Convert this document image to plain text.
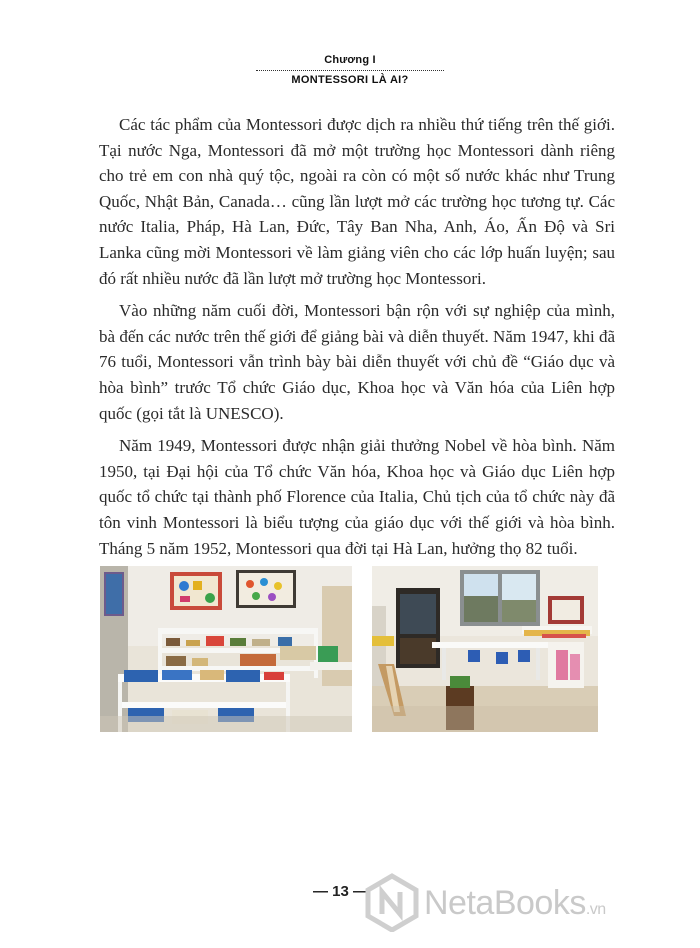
Chương I
MONTESSORI LÀ AI?

Các tác phẩm của Montessori được dịch ra nhiều thứ tiếng trên thế giới. Tại nước Nga, Montessori đã mở một trường học Montessori dành riêng cho trẻ em con nhà quý tộc, ngoài ra còn có một số nước khác như Trung Quốc, Nhật Bản, Canada… cũng lần lượt mở các trường học tương tự. Các nước Italia, Pháp, Hà Lan, Đức, Tây Ban Nha, Anh, Áo, Ấn Độ và Sri Lanka cũng mời Montessori về làm giảng viên cho các lớp huấn luyện; sau đó rất nhiều nước đã lần lượt mở trường học Montessori.

Vào những năm cuối đời, Montessori bận rộn với sự nghiệp của mình, bà đến các nước trên thế giới để giảng bài và diễn thuyết. Năm 1947, khi đã 76 tuổi, Montessori vẫn trình bày bài diễn thuyết với chủ đề “Giáo dục và hòa bình” trước Tổ chức Giáo dục, Khoa học và Văn hóa của Liên hợp quốc (gọi tắt là UNESCO).

Năm 1949, Montessori được nhận giải thưởng Nobel về hòa bình. Năm 1950, tại Đại hội của Tổ chức Văn hóa, Khoa học và Giáo dục Liên hợp quốc tổ chức tại thành phố Florence của Italia, Chủ tịch của tổ chức này đã tôn vinh Montessori là biểu tượng của giáo dục với thế giới và hòa bình. Tháng 5 năm 1952, Montessori qua đời tại Hà Lan, hưởng thọ 82 tuổi.

— 13 — NetaBooks.vn
